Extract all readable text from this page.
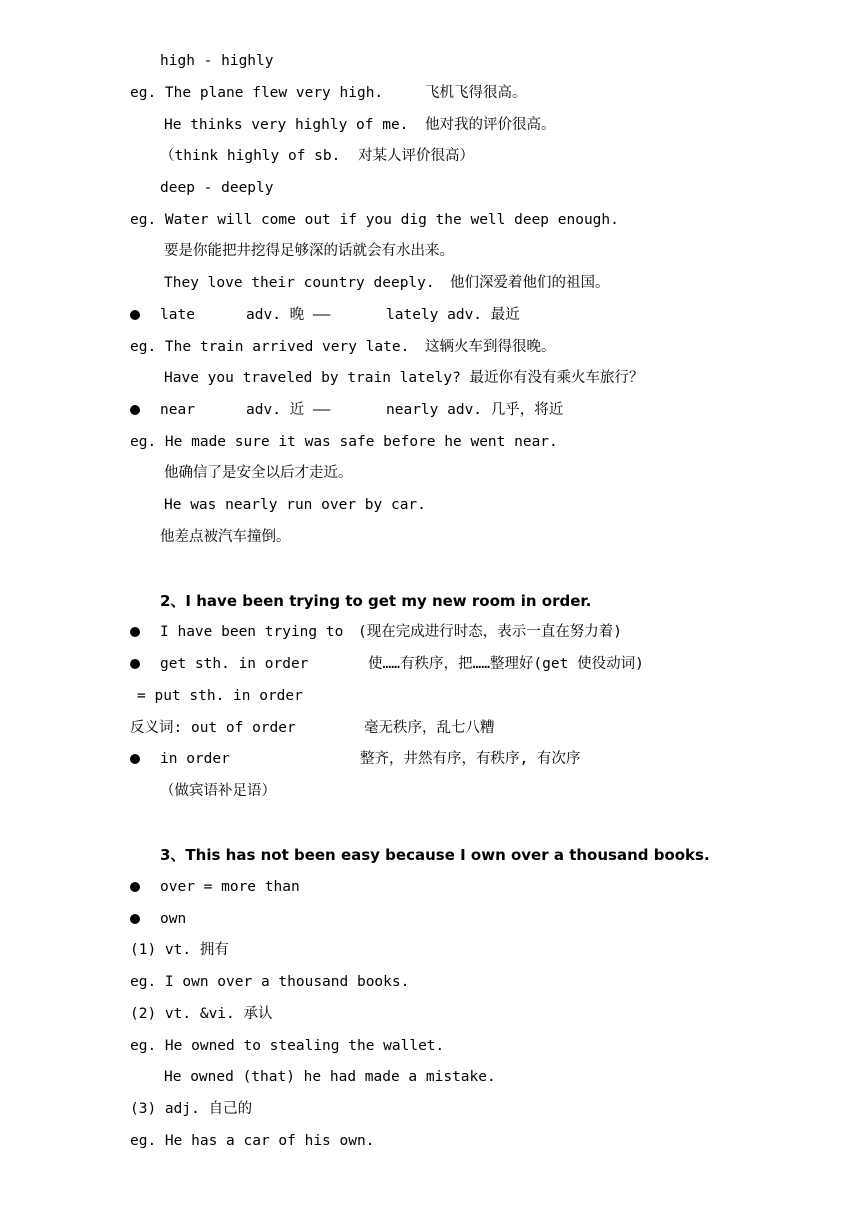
high - highly

eg. The plane flew very high.

	飞机飞得很高。

He thinks very highly of me.

他对我的评价很高。

（think highly of sb.

对某人评价很高）

deep - deeply

eg. Water will come out if you dig the well deep enough.

要是你能把井挖得足够深的话就会有水出来。

They love their country deeply.

他们深爱着他们的祖国。

late

	adv. 晚 ——

	lately adv. 最近

eg. The train arrived very late.

这辆火车到得很晚。

Have you traveled by train lately? 最近你有没有乘火车旅行？

near

	adv. 近 ——

	nearly adv. 几乎，将近

eg. He made sure it was safe before he went near.

他确信了是安全以后才走近。

He was nearly run over by car.

他差点被汽车撞倒。

2、I have been trying to get my new room in order.

I have been trying to

(现在完成进行时态，表示一直在努力着)

get sth. in order

	使……有秩序，把……整理好(get 使役动词)

= put sth. in order

反义词: out of order

	毫无秩序，乱七八糟

in order

	整齐，井然有序，有秩序, 有次序

（做宾语补足语）

3、This has not been easy because I own over a thousand books.

over = more than

own

(1) vt. 拥有

eg. I own over a thousand books.

(2) vt. &vi. 承认

eg. He owned to stealing the wallet.

He owned (that) he had made a mistake.

(3) adj. 自己的

eg. He has a car of his own.
